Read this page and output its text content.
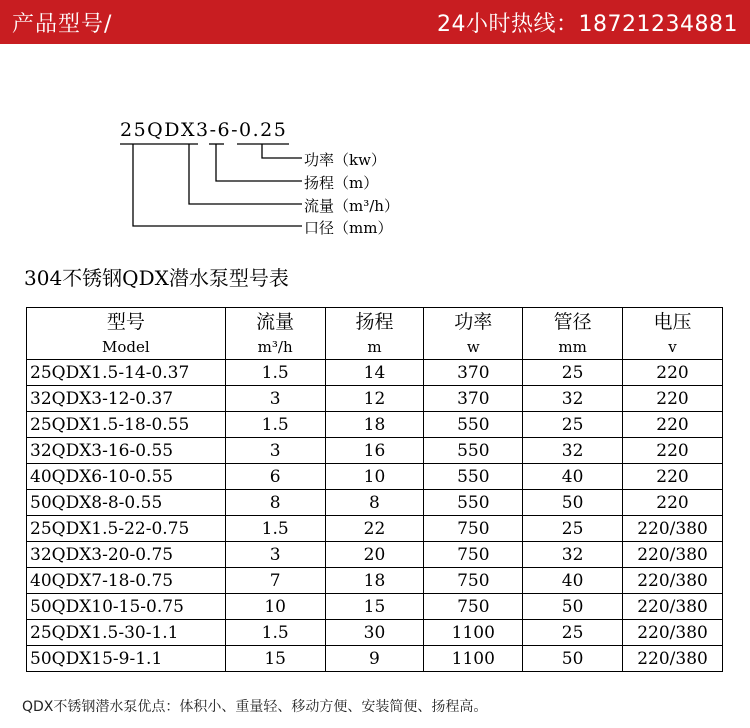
产品型号/	24小时热线：18721234881
25QDX3-6-0.25
功率（kw）
扬程（m）
流量（m³/h）
口径（mm）
304不锈钢QDX潜水泵型号表
型号	流量	扬程	功率	管径	电压
Model	m³/h	m	w	mm	v
25QDX1.5-14-0.37	1.5	14	370	25	220
32QDX3-12-0.37	3	12	370	32	220
25QDX1.5-18-0.55	1.5	18	550	25	220
32QDX3-16-0.55	3	16	550	32	220
40QDX6-10-0.55	6	10	550	40	220
50QDX8-8-0.55	8	8	550	50	220
25QDX1.5-22-0.75	1.5	22	750	25	220/380
32QDX3-20-0.75	3	20	750	32	220/380
40QDX7-18-0.75	7	18	750	40	220/380
50QDX10-15-0.75	10	15	750	50	220/380
25QDX1.5-30-1.1	1.5	30	1100	25	220/380
50QDX15-9-1.1	15	9	1100	50	220/380
QDX不锈钢潜水泵优点：体积小、重量轻、移动方便、安装简便、扬程高。
